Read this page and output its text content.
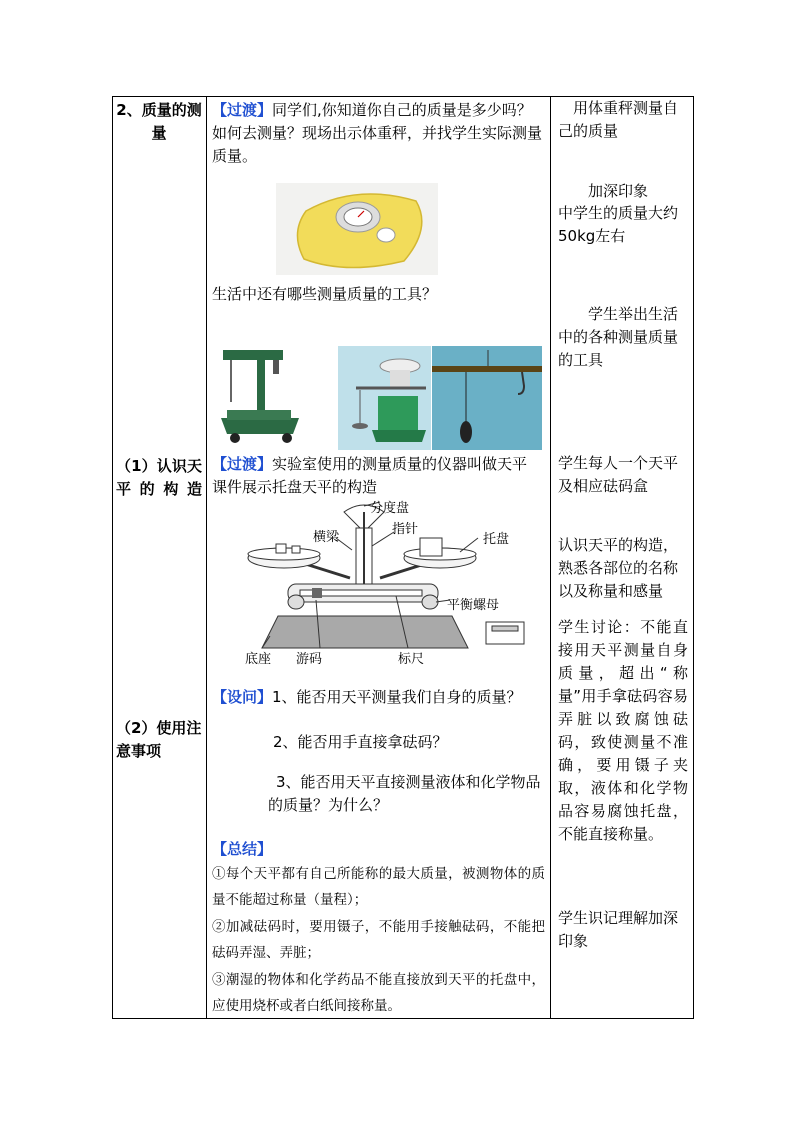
2、质量的测量
（1）认识天平的构造
（2）使用注意事项
【过渡】同学们,你知道你自己的质量是多少吗？如何去测量？现场出示体重秤，并找学生实际测量质量。
生活中还有哪些测量质量的工具？
【过渡】实验室使用的测量质量的仪器叫做天平
课件展示托盘天平的构造
分度盘
横梁
指针
托盘
平衡螺母
底座 游码	标尺
【设问】1、能否用天平测量我们自身的质量？
2、能否用手直接拿砝码？
3、能否用天平直接测量液体和化学物品的质量？为什么？
【总结】
①每个天平都有自己所能称的最大质量，被测物体的质量不能超过称量（量程）；
②加减砝码时，要用镊子，不能用手接触砝码，不能把砝码弄湿、弄脏；
③潮湿的物体和化学药品不能直接放到天平的托盘中，应使用烧杯或者白纸间接称量。
　用体重秤测量自己的质量
　　加深印象
中学生的质量大约50kg左右
　　学生举出生活中的各种测量质量的工具
学生每人一个天平及相应砝码盒
认识天平的构造，熟悉各部位的名称以及称量和感量
学生讨论：不能直接用天平测量自身质量，超出“称量”用手拿砝码容易弄脏以致腐蚀砝码，致使测量不准确，要用镊子夹取，液体和化学物品容易腐蚀托盘，不能直接称量。
学生识记理解加深印象
